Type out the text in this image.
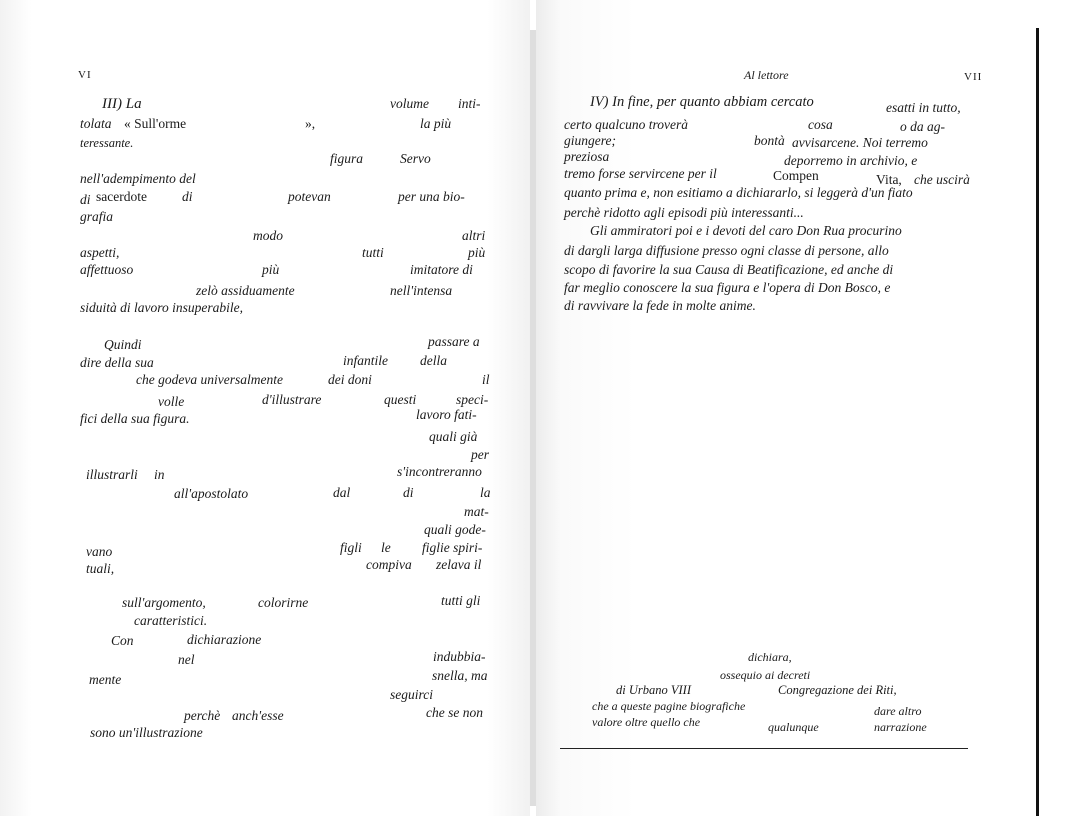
VI
III) La	volume inti-
tolata « Sull'orme	»,	la più
teressante.
figura	Servo
nell'adempimento del
di sacerdote	di	potevan	per una bio-
grafia
modo	altri
aspetti,	tutti	più
affettuoso	più	imitatore di
zelò assiduamente	nell'intensa
siduità di lavoro insuperabile,
Quindi	passare a
dire della sua	infantile della
che godeva universalmente	dei doni	il
volle	d'illustrare	questi	speci-
fici della sua figura.	lavoro fati-
quali già
per
illustrarli in	s'incontreranno
all'apostolato	dal	di	la
mat-
quali gode-
vano	figli le figlie spiri-
tuali,	compiva zelava il
sull'argomento,	colorirne	tutti gli
caratteristici.
Con	dichiarazione
nel	indubbia-
mente	snella, ma
seguirci
perchè anch'esse	che se non
sono un'illustrazione
Al lettore	VII
IV) In fine, per quanto abbiam cercato	esatti in tutto,
certo qualcuno troverà	cosa	o da ag-
giungere;	bontà avvisarcene. Noi terremo
preziosa	deporremo in archivio, e
tremo forse servircene per il	Compen	Vita, che uscirà
quanto prima e, non esitiamo a dichiararlo, si leggerà d'un fiato
perchè ridotto agli episodi più interessanti...
Gli ammiratori poi e i devoti del caro Don Rua procurino
di dargli larga diffusione presso ogni classe di persone, allo
scopo di favorire la sua Causa di Beatificazione, ed anche di
far meglio conoscere la sua figura e l'opera di Don Bosco, e
di ravvivare la fede in molte anime.
dichiara,
ossequio ai decreti
di Urbano VIII	Congregazione dei Riti,
che a queste pagine biografiche	dare altro
valore oltre quello che	qualunque	narrazione
